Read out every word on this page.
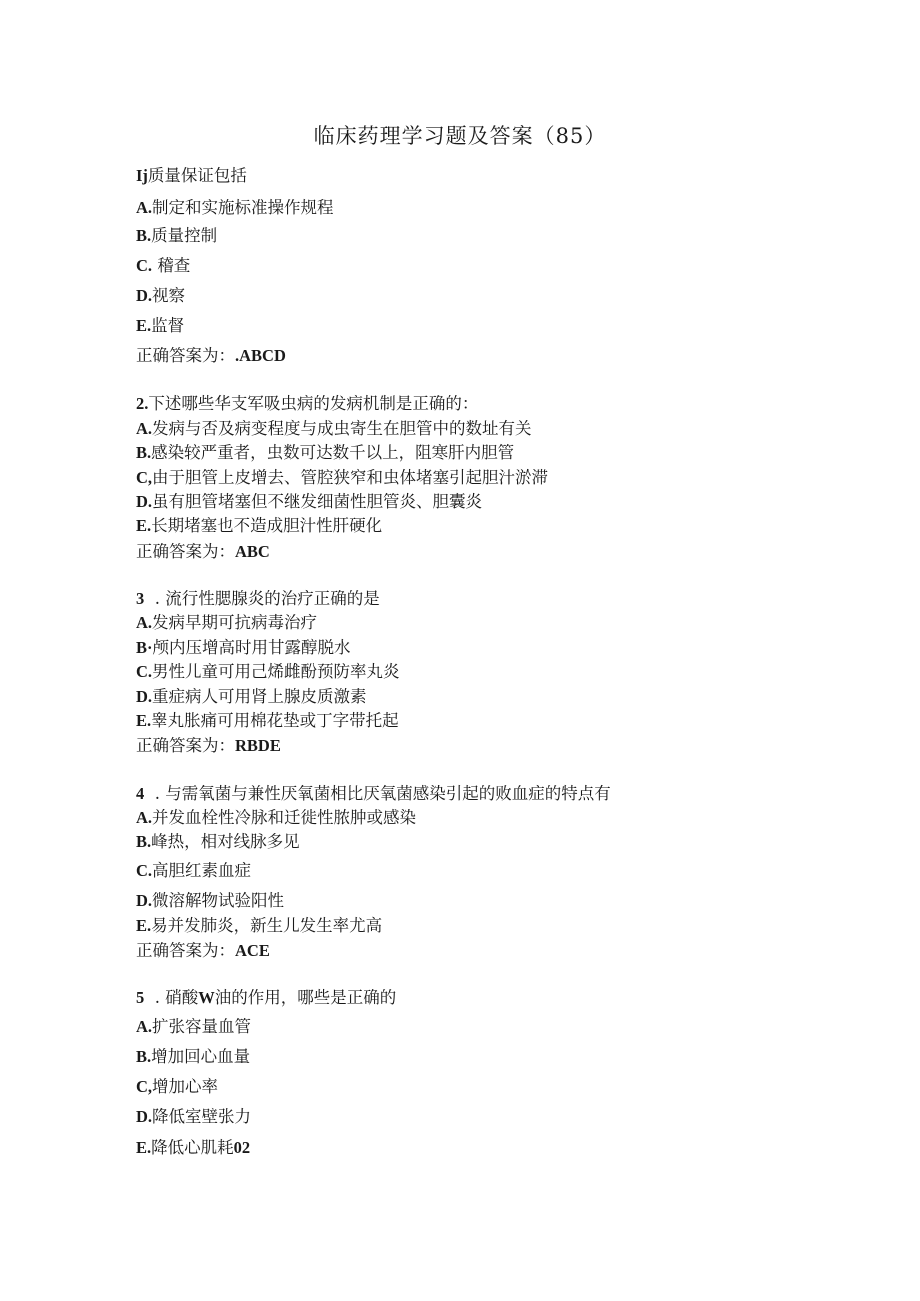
临床药理学习题及答案（85）
Ij质量保证包括
A.制定和实施标准操作规程
B.质量控制
C. 稽查
D.视察
E.监督
正确答案为：.ABCD
2.下述哪些华支军吸虫病的发病机制是正确的：
A.发病与否及病变程度与成虫寄生在胆管中的数址有关
B.感染较严重者，虫数可达数千以上，阻寒肝内胆管
C,由于胆管上皮增去、管腔狭窄和虫体堵塞引起胆汁淤滞
D.虽有胆管堵塞但不继发细菌性胆管炎、胆囊炎
E.长期堵塞也不造成胆汁性肝硬化
正确答案为：ABC
3  . 流行性腮腺炎的治疗正确的是
A.发病早期可抗病毒治疗
B·颅内压增高时用甘露醇脱水
C.男性儿童可用己烯雌酚预防率丸炎
D.重症病人可用肾上腺皮质激素
E.睾丸胀痛可用棉花垫或丁字带托起
正确答案为：RBDE
4  . 与需氧菌与兼性厌氧菌相比厌氧菌感染引起的败血症的特点有
A.并发血栓性冷脉和迁徙性脓肿或感染
B.峰热，相对线脉多见
C.高胆红素血症
D.微溶解物试验阳性
E.易并发肺炎，新生儿发生率尤高
正确答案为：ACE
5  . 硝酸W油的作用，哪些是正确的
A.扩张容量血管
B.增加回心血量
C,增加心率
D.降低室壁张力
E.降低心肌耗02
